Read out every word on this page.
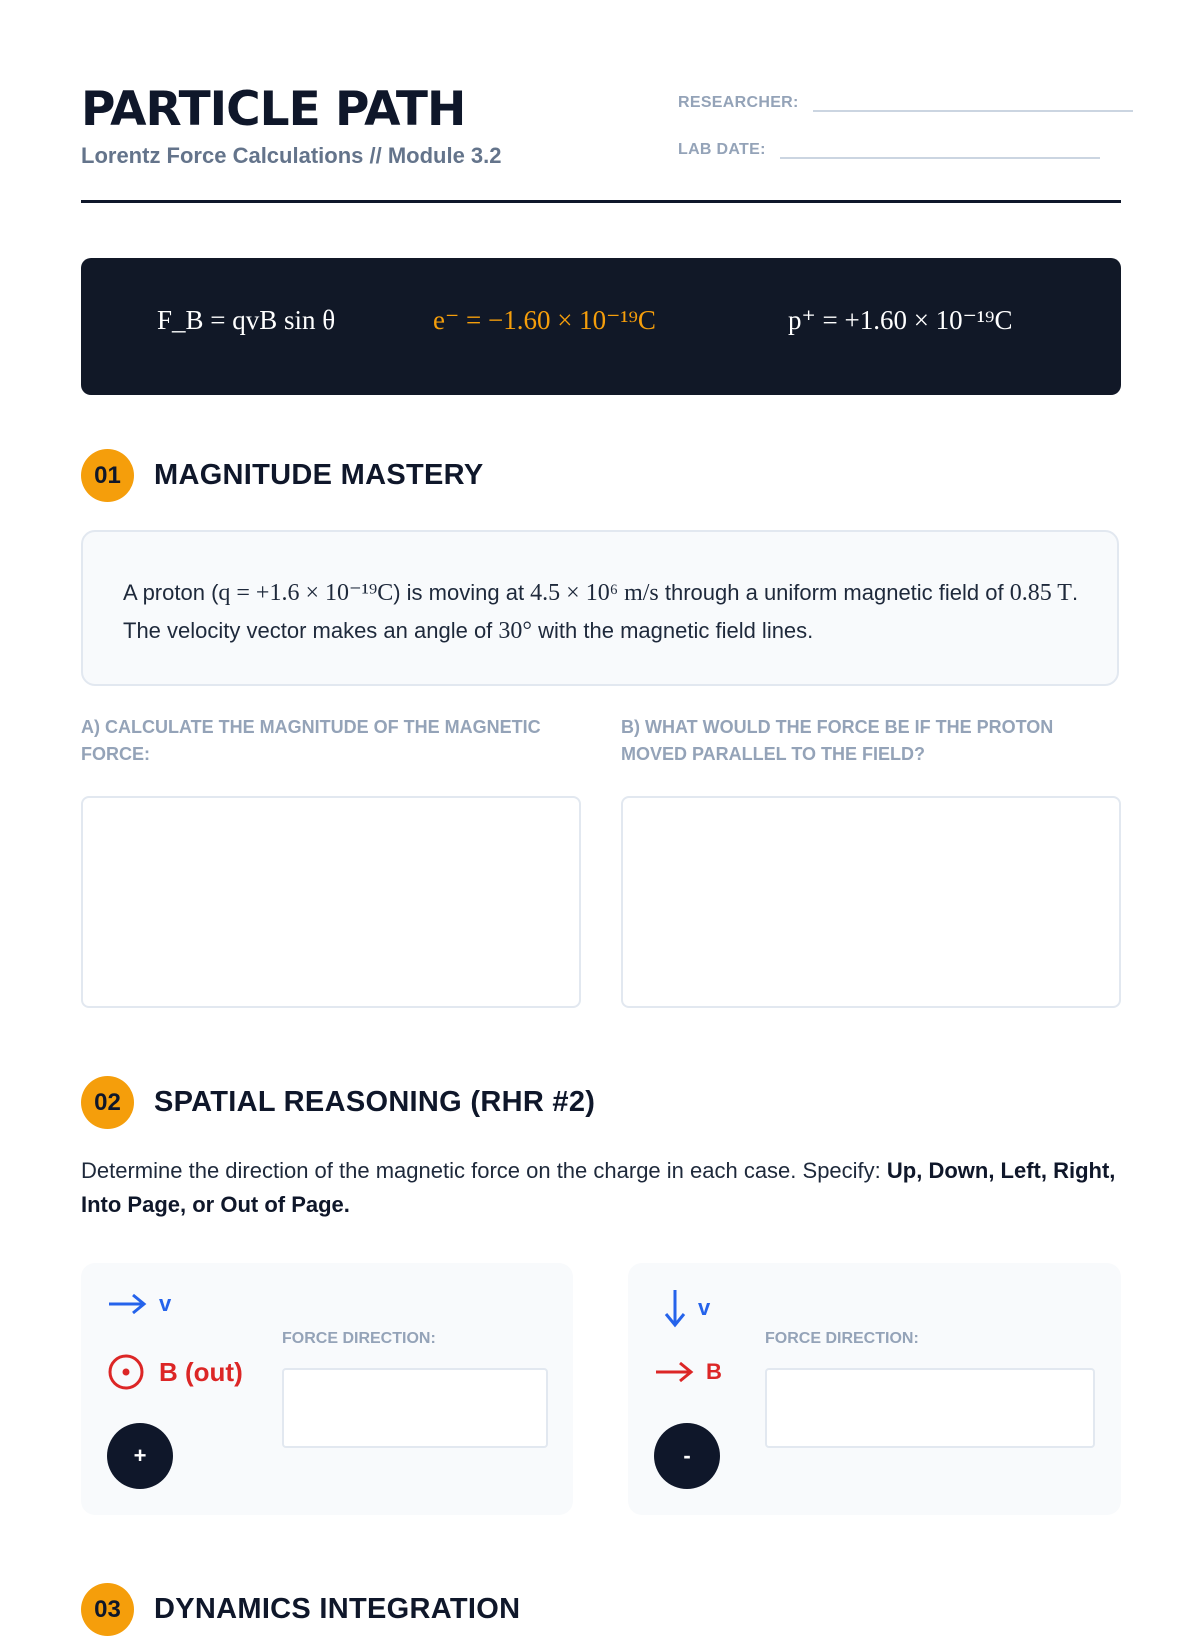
PARTICLE PATH
Lorentz Force Calculations // Module 3.2
RESEARCHER:
LAB DATE:
F_B = qvB sin θ	e⁻ = −1.60 × 10⁻¹⁹C	p⁺ = +1.60 × 10⁻¹⁹C
01	MAGNITUDE MASTERY
A proton (q = +1.6 × 10⁻¹⁹C) is moving at 4.5 × 10⁶ m/s through a uniform magnetic field of 0.85 T. The velocity vector makes an angle of 30° with the magnetic field lines.
A) CALCULATE THE MAGNITUDE OF THE MAGNETIC FORCE:
B) WHAT WOULD THE FORCE BE IF THE PROTON MOVED PARALLEL TO THE FIELD?
02	SPATIAL REASONING (RHR #2)
Determine the direction of the magnetic force on the charge in each case. Specify: Up, Down, Left, Right, Into Page, or Out of Page.
v
B (out)
+
FORCE DIRECTION:
v
B
-
FORCE DIRECTION:
03	DYNAMICS INTEGRATION
